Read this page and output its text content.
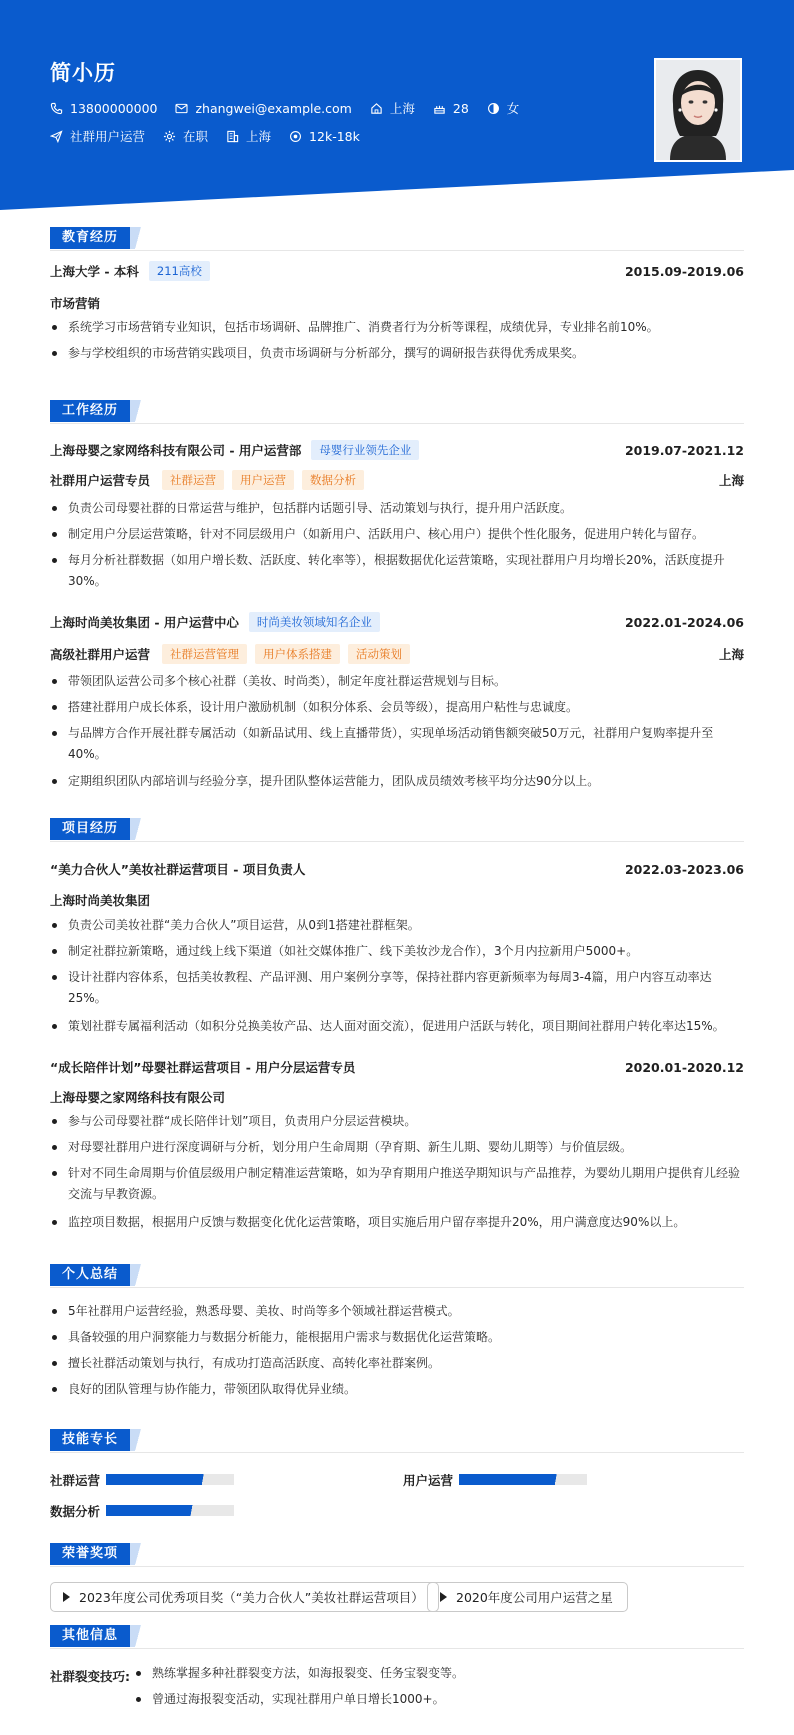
简小历
13800000000	zhangwei@example.com	上海	28	女
社群用户运营	在职	上海	12k-18k
教育经历
上海大学 - 本科	211高校	2015.09-2019.06
市场营销
系统学习市场营销专业知识，包括市场调研、品牌推广、消费者行为分析等课程，成绩优异，专业排名前10%。
参与学校组织的市场营销实践项目，负责市场调研与分析部分，撰写的调研报告获得优秀成果奖。
工作经历
上海母婴之家网络科技有限公司 - 用户运营部	母婴行业领先企业	2019.07-2021.12
社群用户运营专员	社群运营	用户运营	数据分析	上海
负责公司母婴社群的日常运营与维护，包括群内话题引导、活动策划与执行，提升用户活跃度。
制定用户分层运营策略，针对不同层级用户（如新用户、活跃用户、核心用户）提供个性化服务，促进用户转化与留存。
每月分析社群数据（如用户增长数、活跃度、转化率等），根据数据优化运营策略，实现社群用户月均增长20%，活跃度提升30%。
上海时尚美妆集团 - 用户运营中心	时尚美妆领域知名企业	2022.01-2024.06
高级社群用户运营	社群运营管理	用户体系搭建	活动策划	上海
带领团队运营公司多个核心社群（美妆、时尚类），制定年度社群运营规划与目标。
搭建社群用户成长体系，设计用户激励机制（如积分体系、会员等级），提高用户粘性与忠诚度。
与品牌方合作开展社群专属活动（如新品试用、线上直播带货），实现单场活动销售额突破50万元，社群用户复购率提升至40%。
定期组织团队内部培训与经验分享，提升团队整体运营能力，团队成员绩效考核平均分达90分以上。
项目经历
“美力合伙人”美妆社群运营项目 - 项目负责人	2022.03-2023.06
上海时尚美妆集团
负责公司美妆社群“美力合伙人”项目运营，从0到1搭建社群框架。
制定社群拉新策略，通过线上线下渠道（如社交媒体推广、线下美妆沙龙合作），3个月内拉新用户5000+。
设计社群内容体系，包括美妆教程、产品评测、用户案例分享等，保持社群内容更新频率为每周3-4篇，用户内容互动率达25%。
策划社群专属福利活动（如积分兑换美妆产品、达人面对面交流），促进用户活跃与转化，项目期间社群用户转化率达15%。
“成长陪伴计划”母婴社群运营项目 - 用户分层运营专员	2020.01-2020.12
上海母婴之家网络科技有限公司
参与公司母婴社群“成长陪伴计划”项目，负责用户分层运营模块。
对母婴社群用户进行深度调研与分析，划分用户生命周期（孕育期、新生儿期、婴幼儿期等）与价值层级。
针对不同生命周期与价值层级用户制定精准运营策略，如为孕育期用户推送孕期知识与产品推荐，为婴幼儿期用户提供育儿经验交流与早教资源。
监控项目数据，根据用户反馈与数据变化优化运营策略，项目实施后用户留存率提升20%，用户满意度达90%以上。
个人总结
5年社群用户运营经验，熟悉母婴、美妆、时尚等多个领域社群运营模式。
具备较强的用户洞察能力与数据分析能力，能根据用户需求与数据优化运营策略。
擅长社群活动策划与执行，有成功打造高活跃度、高转化率社群案例。
良好的团队管理与协作能力，带领团队取得优异业绩。
技能专长
社群运营	用户运营
数据分析
荣誉奖项
2023年度公司优秀项目奖（“美力合伙人”美妆社群运营项目）	2020年度公司用户运营之星
其他信息
社群裂变技巧:	熟练掌握多种社群裂变方法，如海报裂变、任务宝裂变等。
曾通过海报裂变活动，实现社群用户单日增长1000+。
